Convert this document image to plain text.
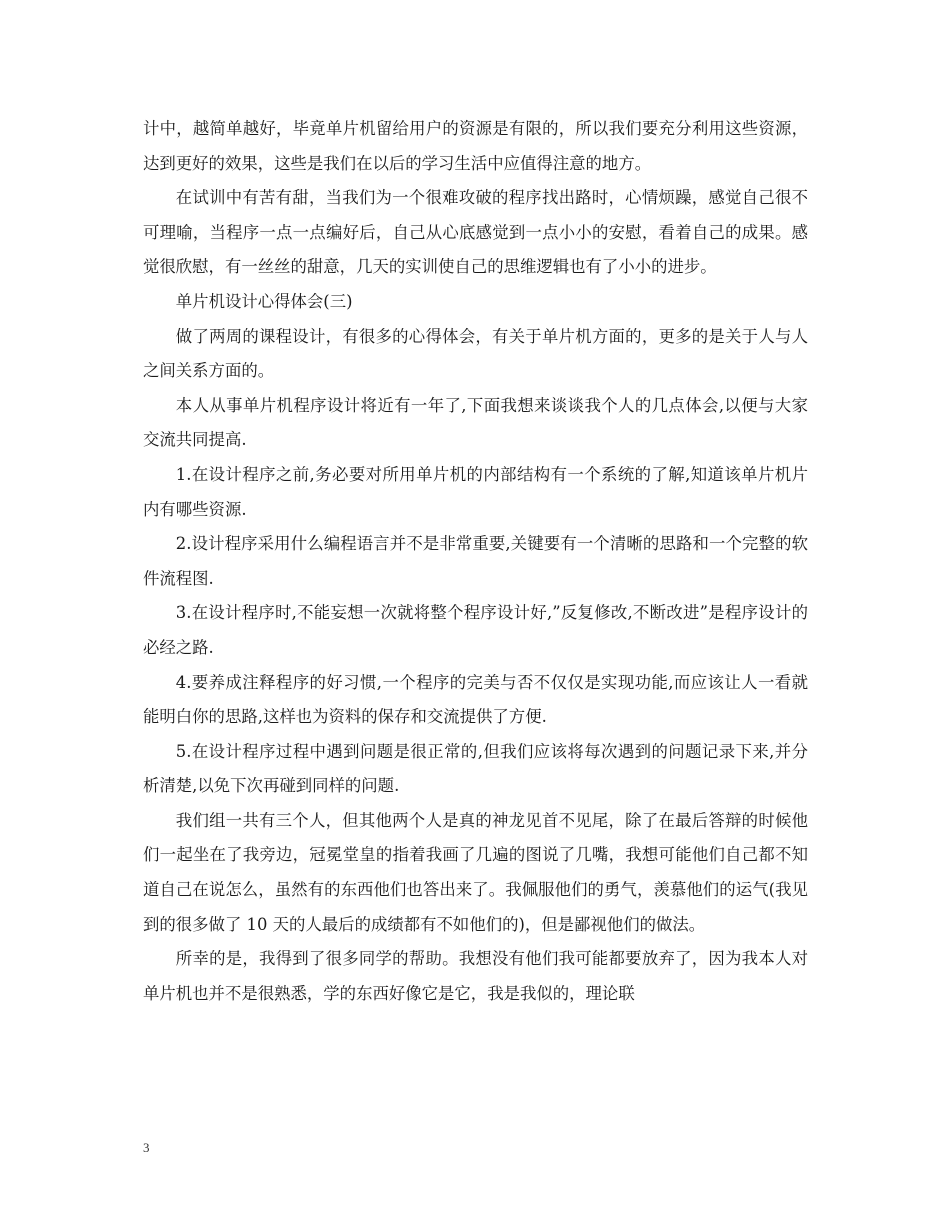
计中，越简单越好，毕竟单片机留给用户的资源是有限的，所以我们要充分利用这些资源，达到更好的效果，这些是我们在以后的学习生活中应值得注意的地方。

在试训中有苦有甜，当我们为一个很难攻破的程序找出路时，心情烦躁，感觉自己很不可理喻，当程序一点一点编好后，自己从心底感觉到一点小小的安慰，看着自己的成果。感觉很欣慰，有一丝丝的甜意，几天的实训使自己的思维逻辑也有了小小的进步。

单片机设计心得体会(三)

做了两周的课程设计，有很多的心得体会，有关于单片机方面的，更多的是关于人与人之间关系方面的。

本人从事单片机程序设计将近有一年了,下面我想来谈谈我个人的几点体会,以便与大家交流共同提高.

1.在设计程序之前,务必要对所用单片机的内部结构有一个系统的了解,知道该单片机片内有哪些资源.

2.设计程序采用什么编程语言并不是非常重要,关键要有一个清晰的思路和一个完整的软件流程图.

3.在设计程序时,不能妄想一次就将整个程序设计好,”反复修改,不断改进”是程序设计的必经之路.

4.要养成注释程序的好习惯,一个程序的完美与否不仅仅是实现功能,而应该让人一看就能明白你的思路,这样也为资料的保存和交流提供了方便.

5.在设计程序过程中遇到问题是很正常的,但我们应该将每次遇到的问题记录下来,并分析清楚,以免下次再碰到同样的问题.

我们组一共有三个人，但其他两个人是真的神龙见首不见尾，除了在最后答辩的时候他们一起坐在了我旁边，冠冕堂皇的指着我画了几遍的图说了几嘴，我想可能他们自己都不知道自己在说怎么，虽然有的东西他们也答出来了。我佩服他们的勇气，羡慕他们的运气(我见到的很多做了 10 天的人最后的成绩都有不如他们的)，但是鄙视他们的做法。

所幸的是，我得到了很多同学的帮助。我想没有他们我可能都要放弃了，因为我本人对单片机也并不是很熟悉，学的东西好像它是它，我是我似的，理论联

3
